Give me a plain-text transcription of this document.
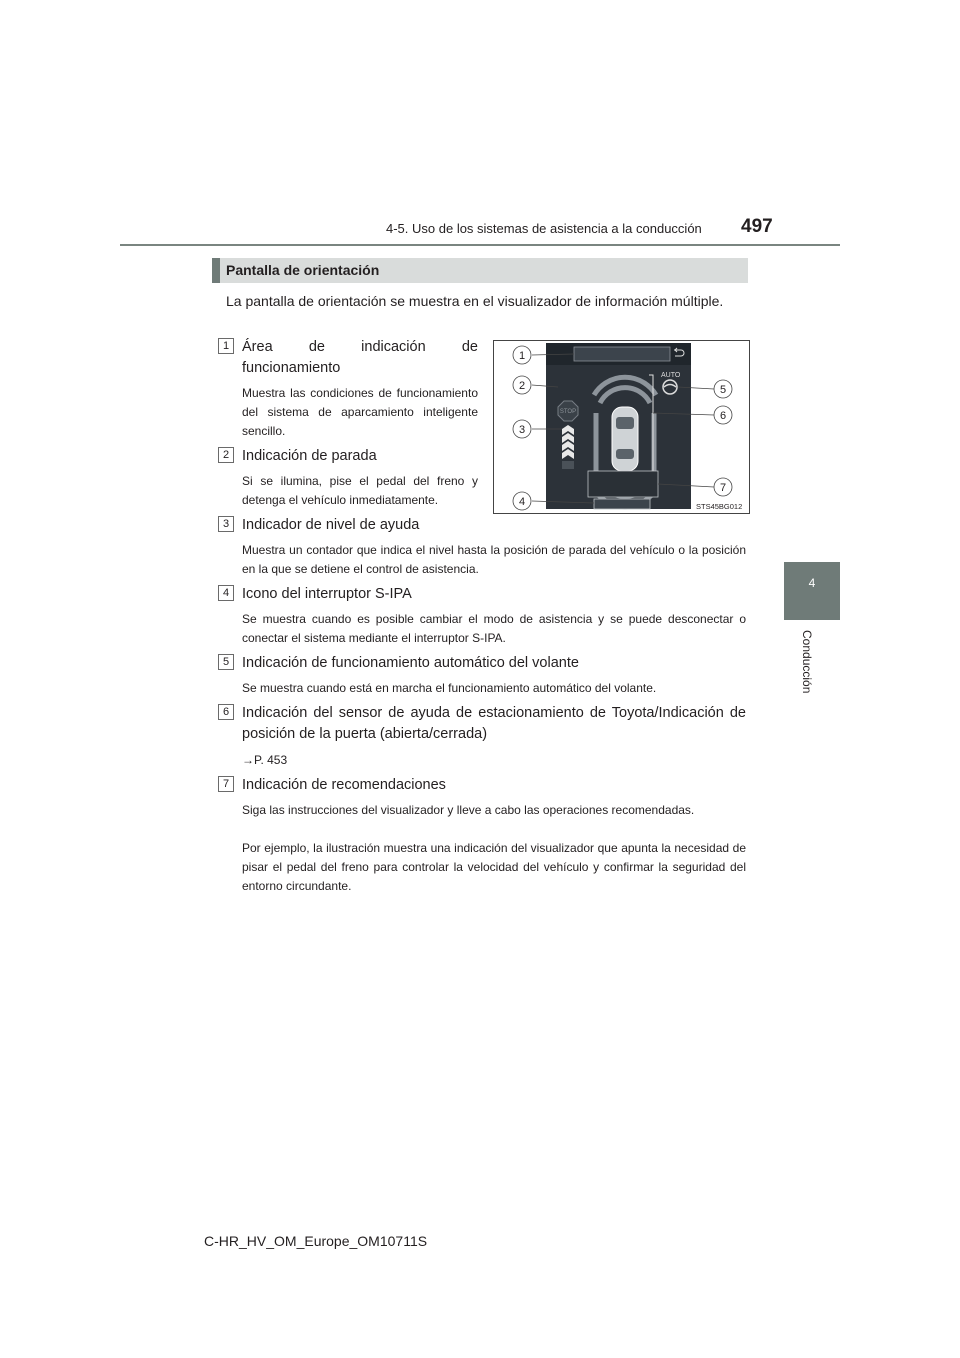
4-5. Uso de los sistemas de asistencia a la conducción 497
4
Conducción
Pantalla de orientación
La pantalla de orientación se muestra en el visualizador de información múltiple.
STOP
AUTO
1
2
3
4
5
6
7
STS45BG012
1 Área de indicación de funcionamiento
Muestra las condiciones de funcionamiento del sistema de aparcamiento inteligente sencillo.
2 Indicación de parada
Si se ilumina, pise el pedal del freno y detenga el vehículo inmediatamente.
3 Indicador de nivel de ayuda
Muestra un contador que indica el nivel hasta la posición de parada del vehículo o la posición en la que se detiene el control de asistencia.
4 Icono del interruptor S-IPA
Se muestra cuando es posible cambiar el modo de asistencia y se puede desconectar o conectar el sistema mediante el interruptor S-IPA.
5 Indicación de funcionamiento automático del volante
Se muestra cuando está en marcha el funcionamiento automático del volante.
6 Indicación del sensor de ayuda de estacionamiento de Toyota/Indicación de posición de la puerta (abierta/cerrada)
→P. 453
7 Indicación de recomendaciones
Siga las instrucciones del visualizador y lleve a cabo las operaciones recomendadas.
Por ejemplo, la ilustración muestra una indicación del visualizador que apunta la necesidad de pisar el pedal del freno para controlar la velocidad del vehículo y confirmar la seguridad del entorno circundante.
C-HR_HV_OM_Europe_OM10711S
